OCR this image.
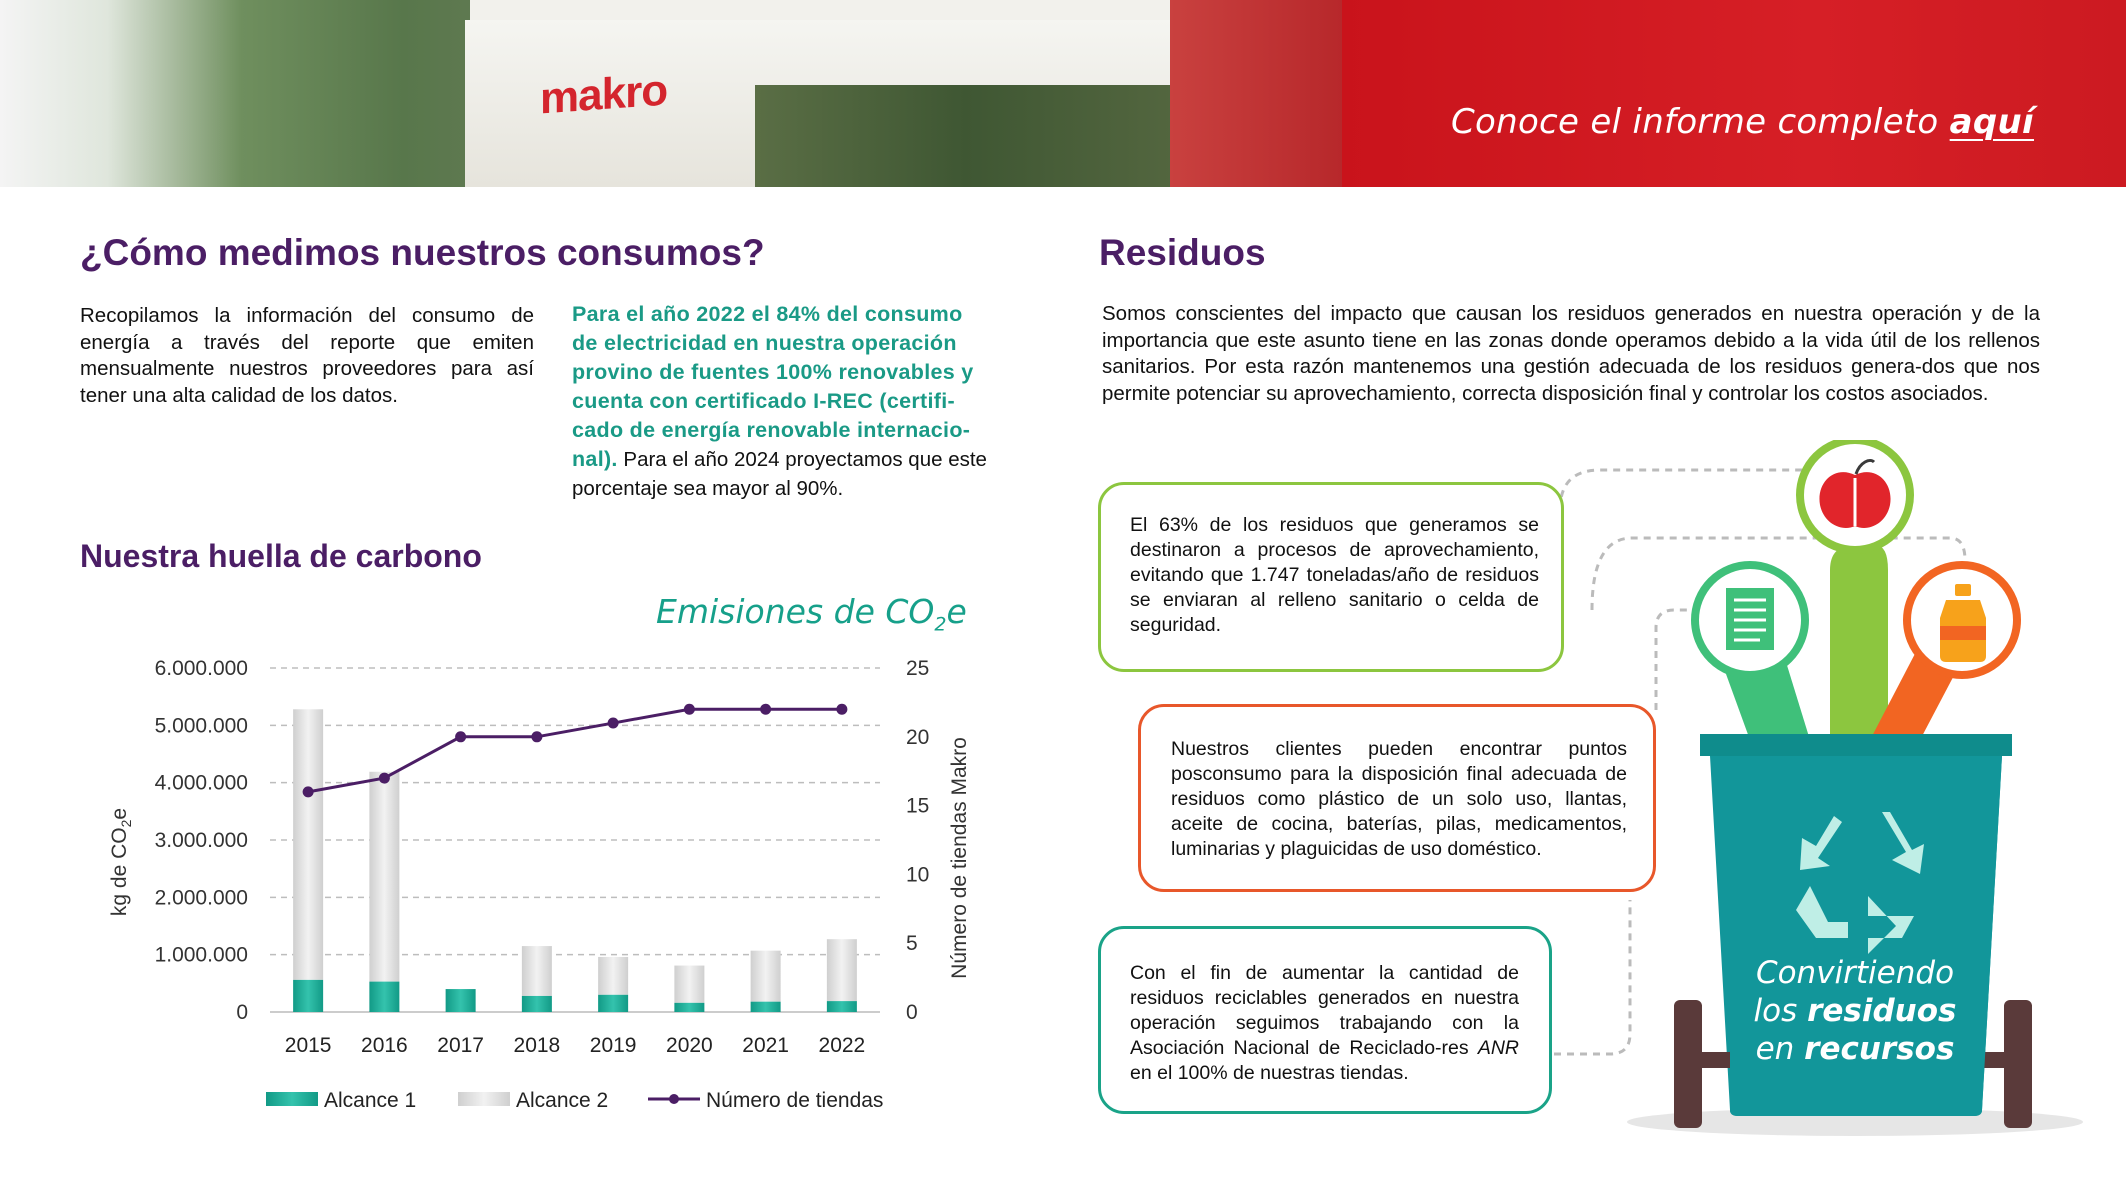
makro	Conoce el informe completo aquí
¿Cómo medimos nuestros consumos?
Recopilamos la información del consumo de energía a través del reporte que emiten mensualmente nuestros proveedores para así tener una alta calidad de los datos.
Para el año 2022 el 84% del consumo
de electricidad en nuestra operación
provino de fuentes 100% renovables y
cuenta con certificado I-REC (certifi-
cado de energía renovable internacio-
nal). Para el año 2024 proyectamos que este porcentaje sea mayor al 90%.
Nuestra huella de carbono
Emisiones de $CO_2e$
0
1.000.000
2.000.000
3.000.000
4.000.000
5.000.000
6.000.000
0
5
10
15
20
25
2015 2016 2017 2018 2019 2020 2021 2022
kg de $CO_2e$	Número de tiendas Makro
Alcance 1	Alcance 2	Número de tiendas
Residuos
Somos conscientes del impacto que causan los residuos generados en nuestra operación y de la importancia que este asunto tiene en las zonas donde operamos debido a la vida útil de los rellenos sanitarios. Por esta razón mantenemos una gestión adecuada de los residuos genera-dos que nos permite potenciar su aprovechamiento, correcta disposición final y controlar los costos asociados.
El 63% de los residuos que generamos se destinaron a procesos de aprovechamiento, evitando que 1.747 toneladas/año de residuos se enviaran al relleno sanitario o celda de seguridad.
Nuestros clientes pueden encontrar puntos posconsumo para la disposición final adecuada de residuos como plástico de un solo uso, llantas, aceite de cocina, baterías, pilas, medicamentos, luminarias y plaguicidas de uso doméstico.
Con el fin de aumentar la cantidad de residuos reciclables generados en nuestra operación seguimos trabajando con la Asociación Nacional de Reciclado-res ANR en el 100% de nuestras tiendas.
Convirtiendo
los residuos
en recursos
